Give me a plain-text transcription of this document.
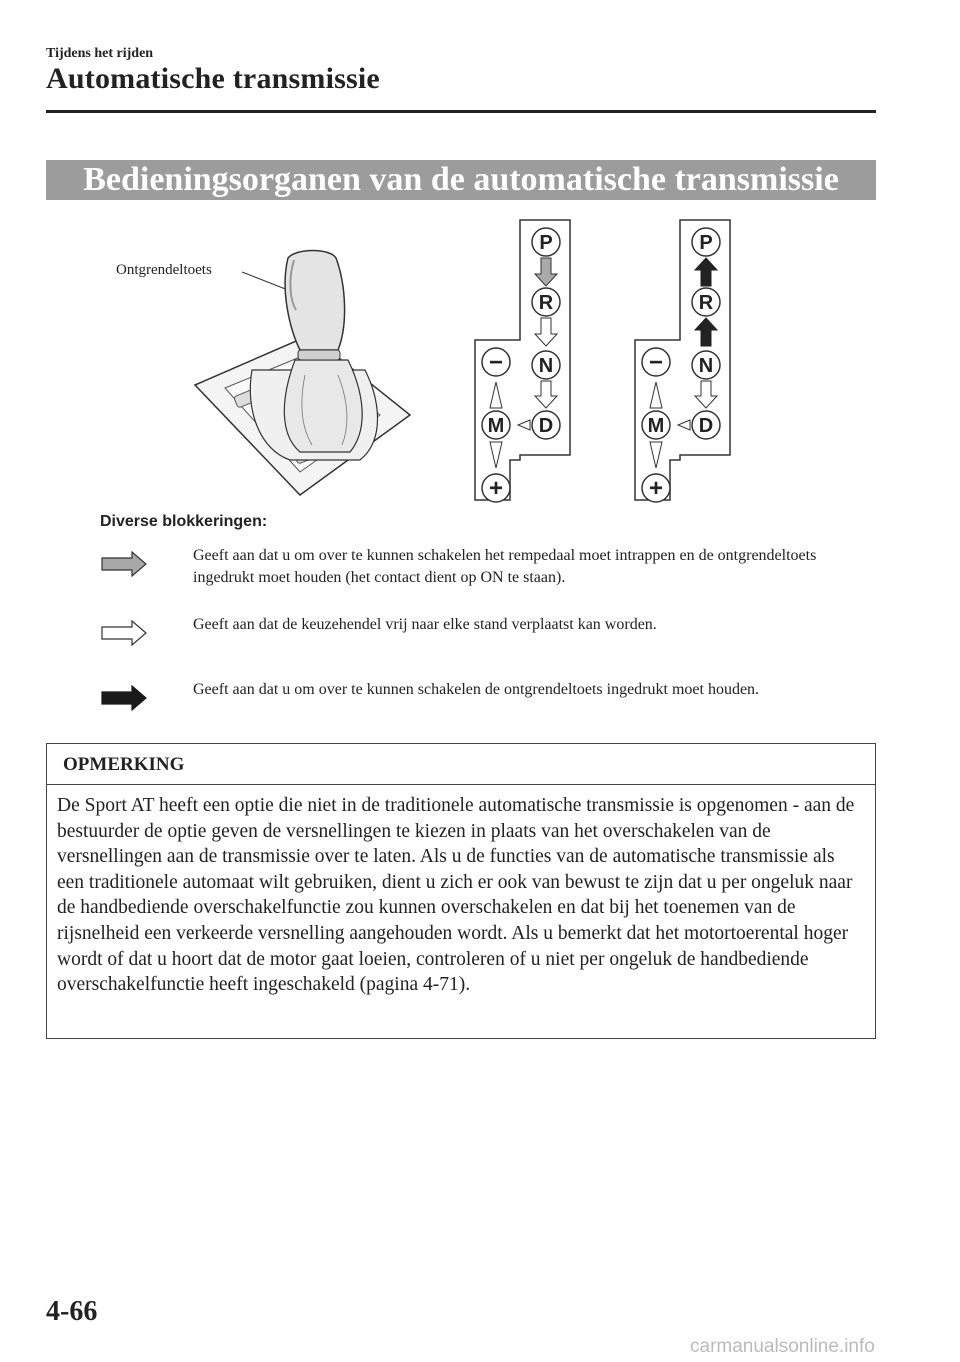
Tijdens het rijden
Automatische transmissie
Bedieningsorganen van de automatische transmissie
Ontgrendeltoets
P
R
N
D
M
−
+
P
R
N
D
M
−
+
Diverse blokkeringen:
Geeft aan dat u om over te kunnen schakelen het rempedaal moet intrappen en de ontgrendeltoets ingedrukt moet houden (het contact dient op ON te staan).
Geeft aan dat de keuzehendel vrij naar elke stand verplaatst kan worden.
Geeft aan dat u om over te kunnen schakelen de ontgrendeltoets ingedrukt moet houden.
OPMERKING
De Sport AT heeft een optie die niet in de traditionele automatische transmissie is opgenomen - aan de bestuurder de optie geven de versnellingen te kiezen in plaats van het overschakelen van de versnellingen aan de transmissie over te laten. Als u de functies van de automatische transmissie als een traditionele automaat wilt gebruiken, dient u zich er ook van bewust te zijn dat u per ongeluk naar de handbediende overschakelfunctie zou kunnen overschakelen en dat bij het toenemen van de rijsnelheid een verkeerde versnelling aangehouden wordt. Als u bemerkt dat het motortoerental hoger wordt of dat u hoort dat de motor gaat loeien, controleren of u niet per ongeluk de handbediende overschakelfunctie heeft ingeschakeld (pagina 4-71).
4-66
carmanualsonline.info
